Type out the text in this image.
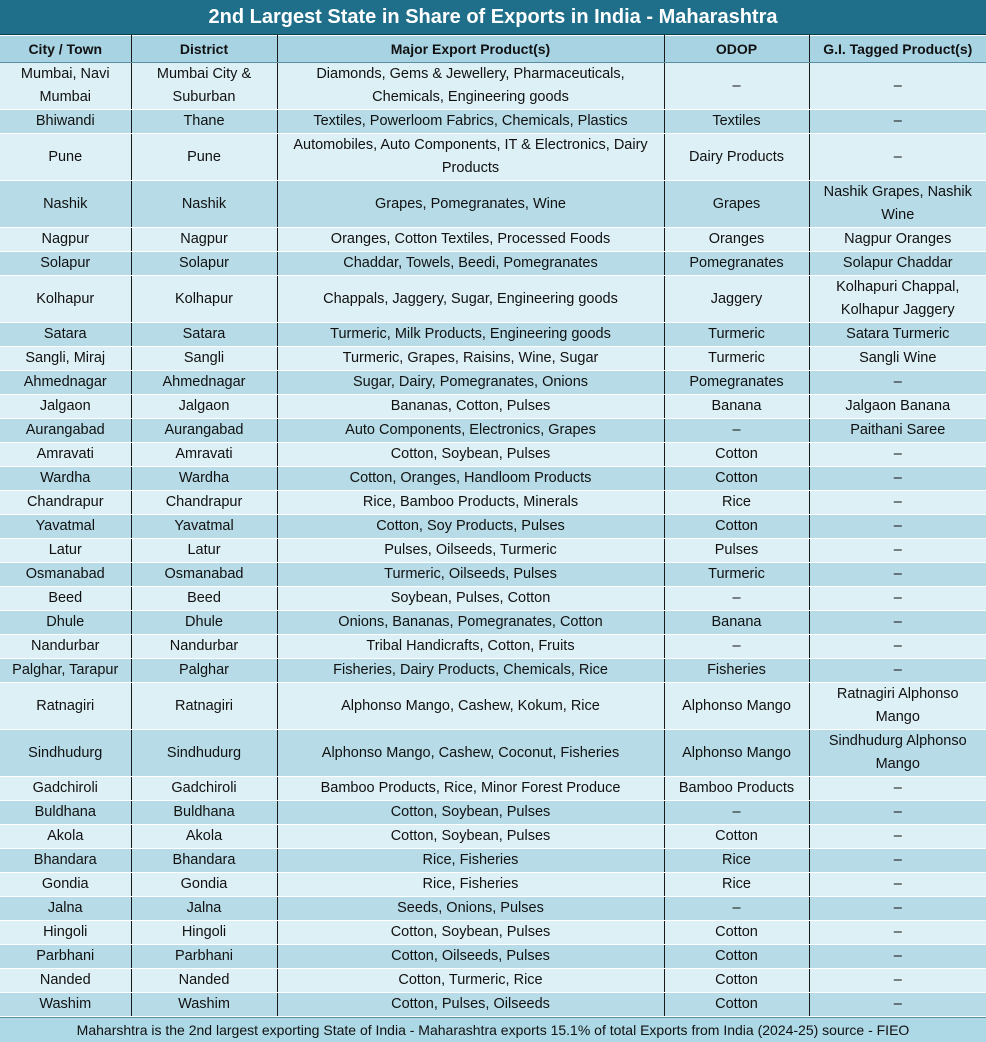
2nd Largest State in Share of Exports in India - Maharashtra
City / Town	District	Major Export Product(s)	ODOP	G.I. Tagged Product(s)
Mumbai, Navi Mumbai	Mumbai City & Suburban	Diamonds, Gems & Jewellery, Pharmaceuticals, Chemicals, Engineering goods	–	–
Bhiwandi	Thane	Textiles, Powerloom Fabrics, Chemicals, Plastics	Textiles	–
Pune	Pune	Automobiles, Auto Components, IT & Electronics, Dairy Products	Dairy Products	–
Nashik	Nashik	Grapes, Pomegranates, Wine	Grapes	Nashik Grapes, Nashik Wine
Nagpur	Nagpur	Oranges, Cotton Textiles, Processed Foods	Oranges	Nagpur Oranges
Solapur	Solapur	Chaddar, Towels, Beedi, Pomegranates	Pomegranates	Solapur Chaddar
Kolhapur	Kolhapur	Chappals, Jaggery, Sugar, Engineering goods	Jaggery	Kolhapuri Chappal, Kolhapur Jaggery
Satara	Satara	Turmeric, Milk Products, Engineering goods	Turmeric	Satara Turmeric
Sangli, Miraj	Sangli	Turmeric, Grapes, Raisins, Wine, Sugar	Turmeric	Sangli Wine
Ahmednagar	Ahmednagar	Sugar, Dairy, Pomegranates, Onions	Pomegranates	–
Jalgaon	Jalgaon	Bananas, Cotton, Pulses	Banana	Jalgaon Banana
Aurangabad	Aurangabad	Auto Components, Electronics, Grapes	–	Paithani Saree
Amravati	Amravati	Cotton, Soybean, Pulses	Cotton	–
Wardha	Wardha	Cotton, Oranges, Handloom Products	Cotton	–
Chandrapur	Chandrapur	Rice, Bamboo Products, Minerals	Rice	–
Yavatmal	Yavatmal	Cotton, Soy Products, Pulses	Cotton	–
Latur	Latur	Pulses, Oilseeds, Turmeric	Pulses	–
Osmanabad	Osmanabad	Turmeric, Oilseeds, Pulses	Turmeric	–
Beed	Beed	Soybean, Pulses, Cotton	–	–
Dhule	Dhule	Onions, Bananas, Pomegranates, Cotton	Banana	–
Nandurbar	Nandurbar	Tribal Handicrafts, Cotton, Fruits	–	–
Palghar, Tarapur	Palghar	Fisheries, Dairy Products, Chemicals, Rice	Fisheries	–
Ratnagiri	Ratnagiri	Alphonso Mango, Cashew, Kokum, Rice	Alphonso Mango	Ratnagiri Alphonso Mango
Sindhudurg	Sindhudurg	Alphonso Mango, Cashew, Coconut, Fisheries	Alphonso Mango	Sindhudurg Alphonso Mango
Gadchiroli	Gadchiroli	Bamboo Products, Rice, Minor Forest Produce	Bamboo Products	–
Buldhana	Buldhana	Cotton, Soybean, Pulses	–	–
Akola	Akola	Cotton, Soybean, Pulses	Cotton	–
Bhandara	Bhandara	Rice, Fisheries	Rice	–
Gondia	Gondia	Rice, Fisheries	Rice	–
Jalna	Jalna	Seeds, Onions, Pulses	–	–
Hingoli	Hingoli	Cotton, Soybean, Pulses	Cotton	–
Parbhani	Parbhani	Cotton, Oilseeds, Pulses	Cotton	–
Nanded	Nanded	Cotton, Turmeric, Rice	Cotton	–
Washim	Washim	Cotton, Pulses, Oilseeds	Cotton	–
Maharshtra is the 2nd largest exporting State of India - Maharashtra exports 15.1% of total Exports from India (2024-25) source - FIEO
